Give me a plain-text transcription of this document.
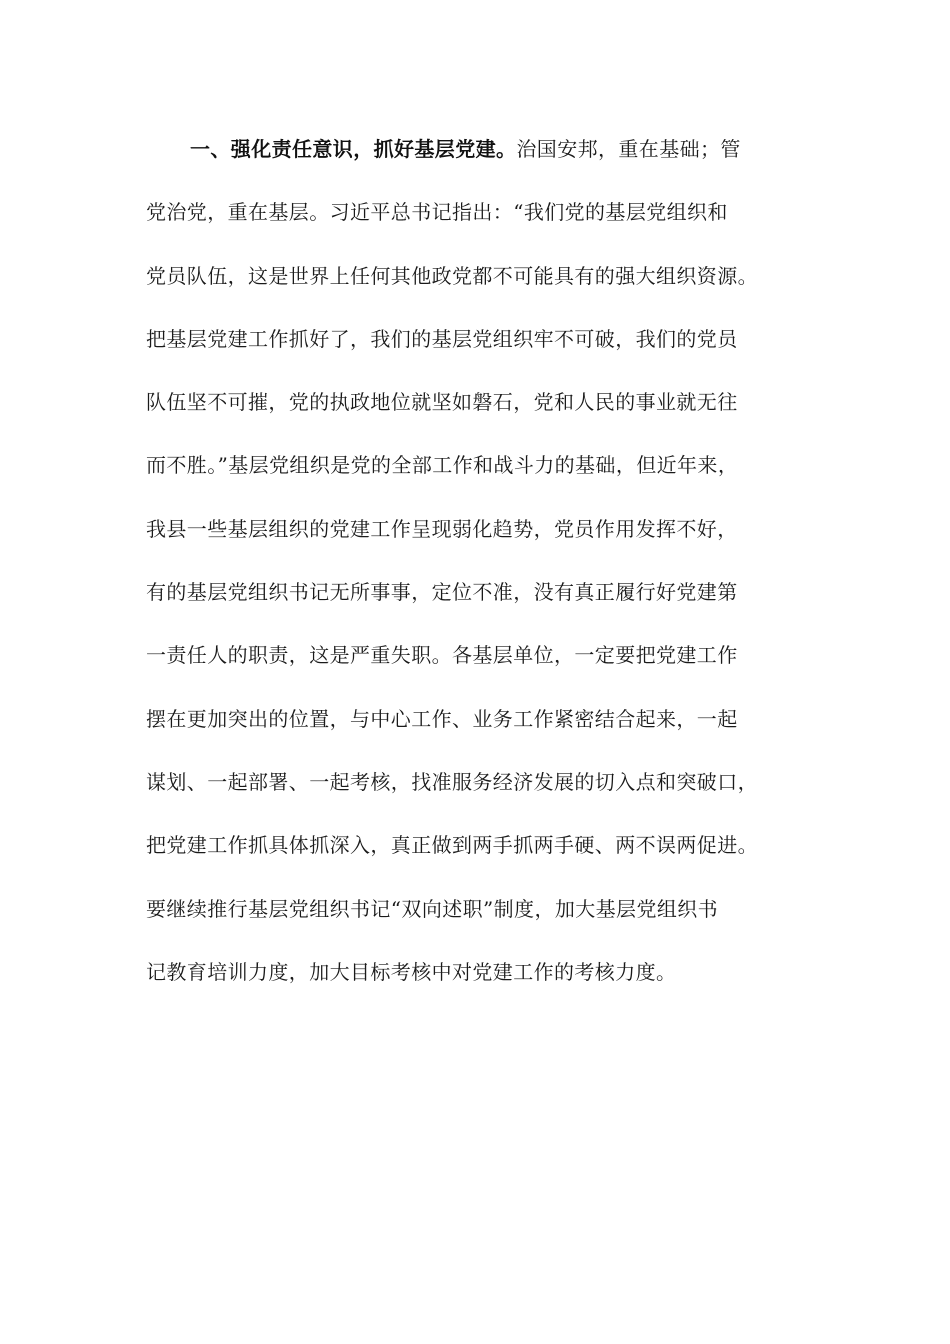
一、强化责任意识，抓好基层党建。治国安邦，重在基础；管
党治党，重在基层。习近平总书记指出：“我们党的基层党组织和
党员队伍，这是世界上任何其他政党都不可能具有的强大组织资源。
把基层党建工作抓好了，我们的基层党组织牢不可破，我们的党员
队伍坚不可摧，党的执政地位就坚如磐石，党和人民的事业就无往
而不胜。”基层党组织是党的全部工作和战斗力的基础，但近年来，
我县一些基层组织的党建工作呈现弱化趋势，党员作用发挥不好，
有的基层党组织书记无所事事，定位不准，没有真正履行好党建第
一责任人的职责，这是严重失职。各基层单位，一定要把党建工作
摆在更加突出的位置，与中心工作、业务工作紧密结合起来，一起
谋划、一起部署、一起考核，找准服务经济发展的切入点和突破口，
把党建工作抓具体抓深入，真正做到两手抓两手硬、两不误两促进。
要继续推行基层党组织书记“双向述职”制度，加大基层党组织书
记教育培训力度，加大目标考核中对党建工作的考核力度。
